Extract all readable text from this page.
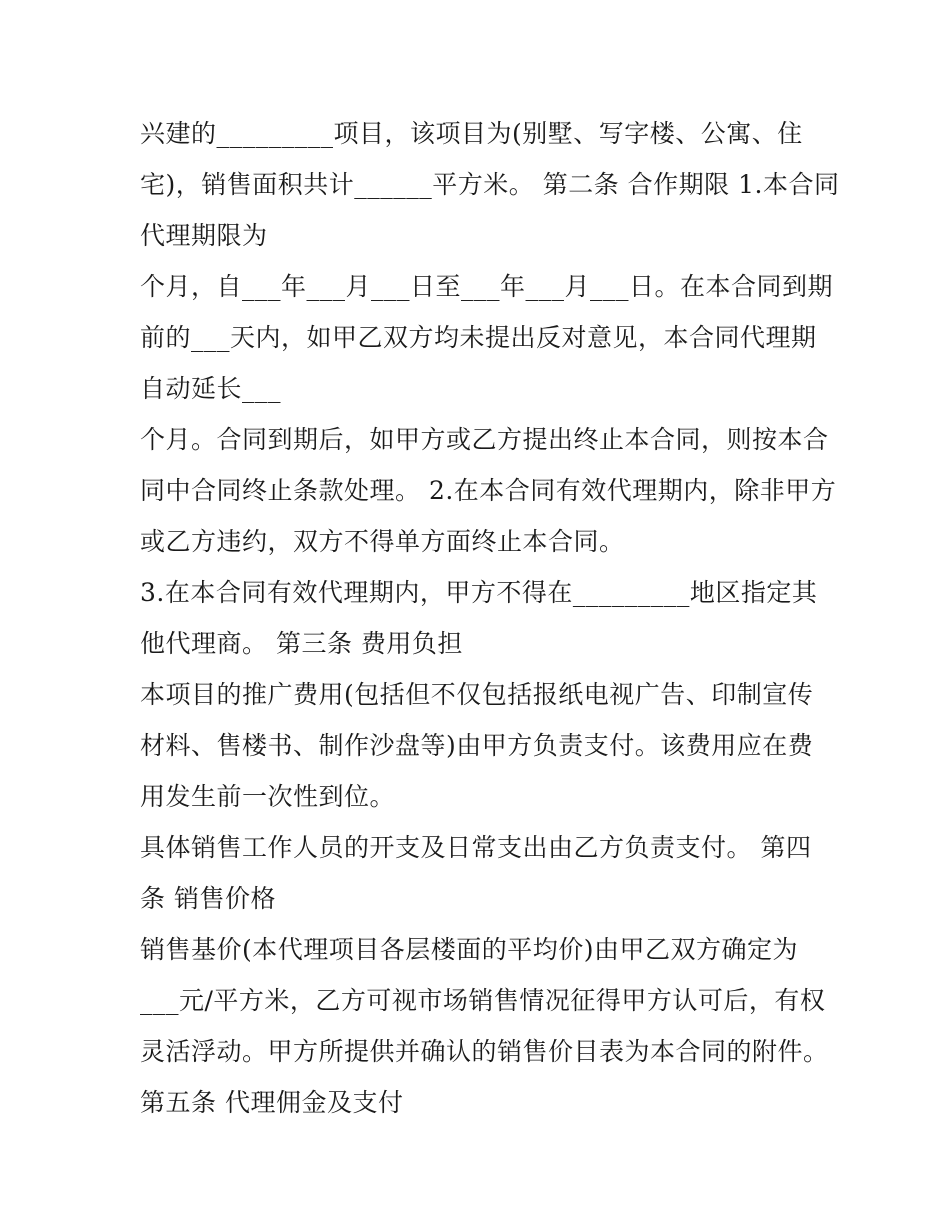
兴建的_________项目，该项目为(别墅、写字楼、公寓、住
宅)，销售面积共计______平方米。 第二条 合作期限 1.本合同
代理期限为
个月，自___年___月___日至___年___月___日。在本合同到期
前的___天内，如甲乙双方均未提出反对意见，本合同代理期
自动延长___
个月。合同到期后，如甲方或乙方提出终止本合同，则按本合
同中合同终止条款处理。 2.在本合同有效代理期内，除非甲方
或乙方违约，双方不得单方面终止本合同。
3.在本合同有效代理期内，甲方不得在_________地区指定其
他代理商。 第三条 费用负担
本项目的推广费用(包括但不仅包括报纸电视广告、印制宣传
材料、售楼书、制作沙盘等)由甲方负责支付。该费用应在费
用发生前一次性到位。
具体销售工作人员的开支及日常支出由乙方负责支付。 第四
条 销售价格
销售基价(本代理项目各层楼面的平均价)由甲乙双方确定为
___元/平方米，乙方可视市场销售情况征得甲方认可后，有权
灵活浮动。甲方所提供并确认的销售价目表为本合同的附件。
第五条 代理佣金及支付
